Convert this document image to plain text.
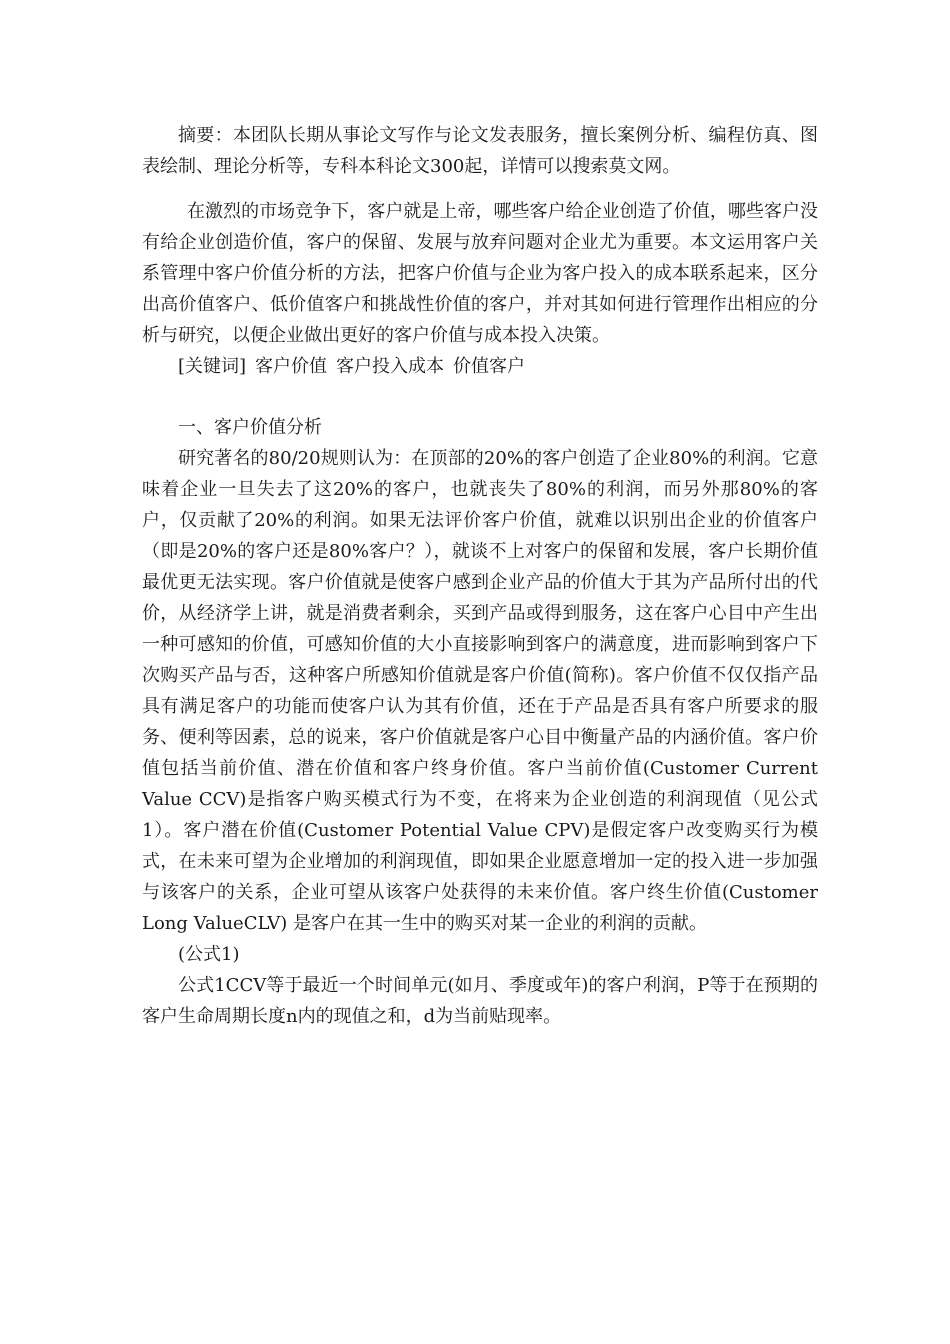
摘要：本团队长期从事论文写作与论文发表服务，擅长案例分析、编程仿真、图表绘制、理论分析等，专科本科论文300起，详情可以搜索莫文网。

在激烈的市场竞争下，客户就是上帝，哪些客户给企业创造了价值，哪些客户没有给企业创造价值，客户的保留、发展与放弃问题对企业尤为重要。本文运用客户关系管理中客户价值分析的方法，把客户价值与企业为客户投入的成本联系起来，区分出高价值客户、低价值客户和挑战性价值的客户，并对其如何进行管理作出相应的分析与研究，以便企业做出更好的客户价值与成本投入决策。

[关键词] 客户价值 客户投入成本 价值客户

一、客户价值分析

研究著名的80/20规则认为：在顶部的20%的客户创造了企业80%的利润。它意味着企业一旦失去了这20%的客户，也就丧失了80%的利润，而另外那80%的客户，仅贡献了20%的利润。如果无法评价客户价值，就难以识别出企业的价值客户（即是20%的客户还是80%客户？），就谈不上对客户的保留和发展，客户长期价值最优更无法实现。客户价值就是使客户感到企业产品的价值大于其为产品所付出的代价，从经济学上讲，就是消费者剩余，买到产品或得到服务，这在客户心目中产生出一种可感知的价值，可感知价值的大小直接影响到客户的满意度，进而影响到客户下次购买产品与否，这种客户所感知价值就是客户价值(简称)。客户价值不仅仅指产品具有满足客户的功能而使客户认为其有价值，还在于产品是否具有客户所要求的服务、便利等因素，总的说来，客户价值就是客户心目中衡量产品的内涵价值。客户价值包括当前价值、潜在价值和客户终身价值。客户当前价值(Customer Current Value CCV)是指客户购买模式行为不变，在将来为企业创造的利润现值（见公式1）。客户潜在价值(Customer Potential Value CPV)是假定客户改变购买行为模式，在未来可望为企业增加的利润现值，即如果企业愿意增加一定的投入进一步加强与该客户的关系，企业可望从该客户处获得的未来价值。客户终生价值(Customer Long ValueCLV) 是客户在其一生中的购买对某一企业的利润的贡献。

(公式1)

公式1CCV等于最近一个时间单元(如月、季度或年)的客户利润，P等于在预期的客户生命周期长度n内的现值之和，d为当前贴现率。
